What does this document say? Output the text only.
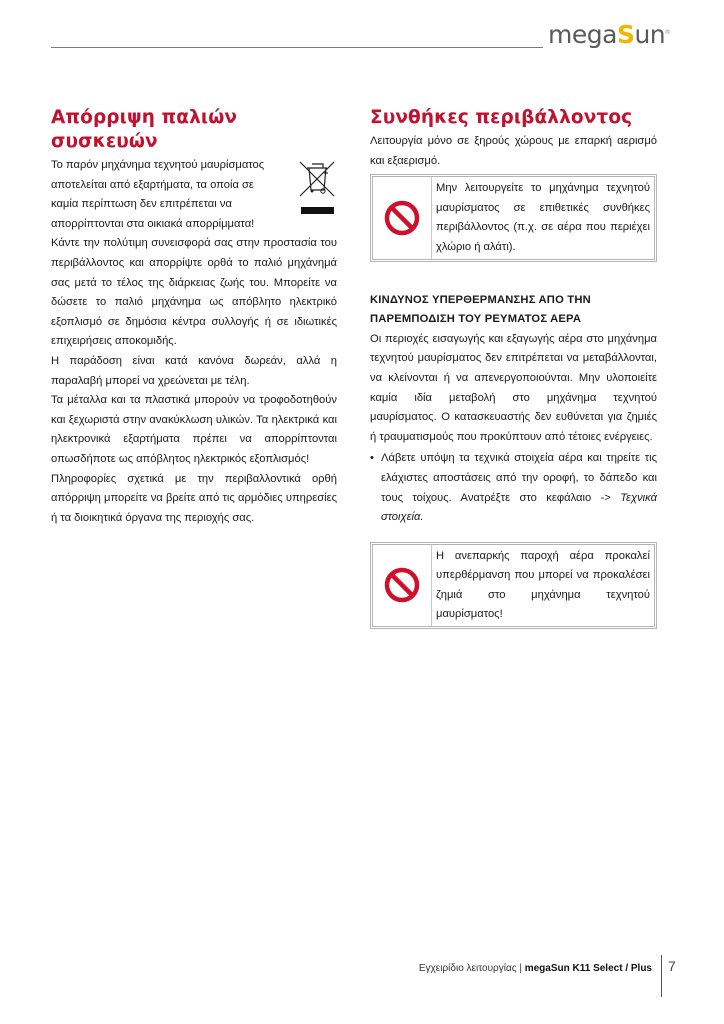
megaSun ®
Απόρριψη παλιών συσκευών

Το παρόν μηχάνημα τεχνητού μαυρίσματος

αποτελείται από εξαρτήματα, τα οποία σε

καμία περίπτωση δεν επιτρέπεται να

απορρίπτονται στα οικιακά απορρίμματα!

Κάντε την πολύτιμη συνεισφορά σας στην προστασία του περιβάλλοντος και απορρίψτε ορθά το παλιό μηχάνημά σας μετά το τέλος της διάρκειας ζωής του. Μπορείτε να δώσετε το παλιό μηχάνημα ως απόβλητο ηλεκτρικό εξοπλισμό σε δημόσια κέντρα συλλογής ή σε ιδιωτικές επιχειρήσεις αποκομιδής.

Η παράδοση είναι κατά κανόνα δωρεάν, αλλά η παραλαβή μπορεί να χρεώνεται με τέλη.

Τα μέταλλα και τα πλαστικά μπορούν να τροφοδοτηθούν και ξεχωριστά στην ανακύκλωση υλικών. Τα ηλεκτρικά και ηλεκτρονικά εξαρτήματα πρέπει να απορρίπτονται οπωσδήποτε ως απόβλητος ηλεκτρικός εξοπλισμός!

Πληροφορίες σχετικά με την περιβαλλοντικά ορθή απόρριψη μπορείτε να βρείτε από τις αρμόδιες υπηρεσίες ή τα διοικητικά όργανα της περιοχής σας.

Συνθήκες περιβάλλοντος

Λειτουργία μόνο σε ξηρούς χώρους με επαρκή αερισμό και εξαερισμό.

Μην λειτουργείτε το μηχάνημα τεχνητού μαυρίσματος σε επιθετικές συνθήκες περιβάλλοντος (π.χ. σε αέρα που περιέχει χλώριο ή αλάτι).
ΚΙΝΔΥΝΟΣ ΥΠΕΡΘΕΡΜΑΝΣΗΣ ΑΠΟ ΤΗΝ
ΠΑΡΕΜΠΟΔΙΣΗ ΤΟΥ ΡΕΥΜΑΤΟΣ ΑΕΡΑ

Οι περιοχές εισαγωγής και εξαγωγής αέρα στο μηχάνημα τεχνητού μαυρίσματος δεν επιτρέπεται να μεταβάλλονται, να κλείνονται ή να απενεργοποιούνται. Μην υλοποιείτε καμία ιδία μεταβολή στο μηχάνημα τεχνητού μαυρίσματος. Ο κατασκευαστής δεν ευθύνεται για ζημιές ή τραυματισμούς που προκύπτουν από τέτοιες ενέργειες.

• Λάβετε υπόψη τα τεχνικά στοιχεία αέρα και τηρείτε τις ελάχιστες αποστάσεις από την οροφή, το δάπεδο και τους τοίχους. Ανατρέξτε στο κεφάλαιο -> Τεχνικά στοιχεία.
Η ανεπαρκής παροχή αέρα προκαλεί υπερθέρμανση που μπορεί να προκαλέσει ζημιά στο μηχάνημα τεχνητού μαυρίσματος!
Εγχειρίδιο λειτουργίας | megaSun K11 Select / Plus 7
